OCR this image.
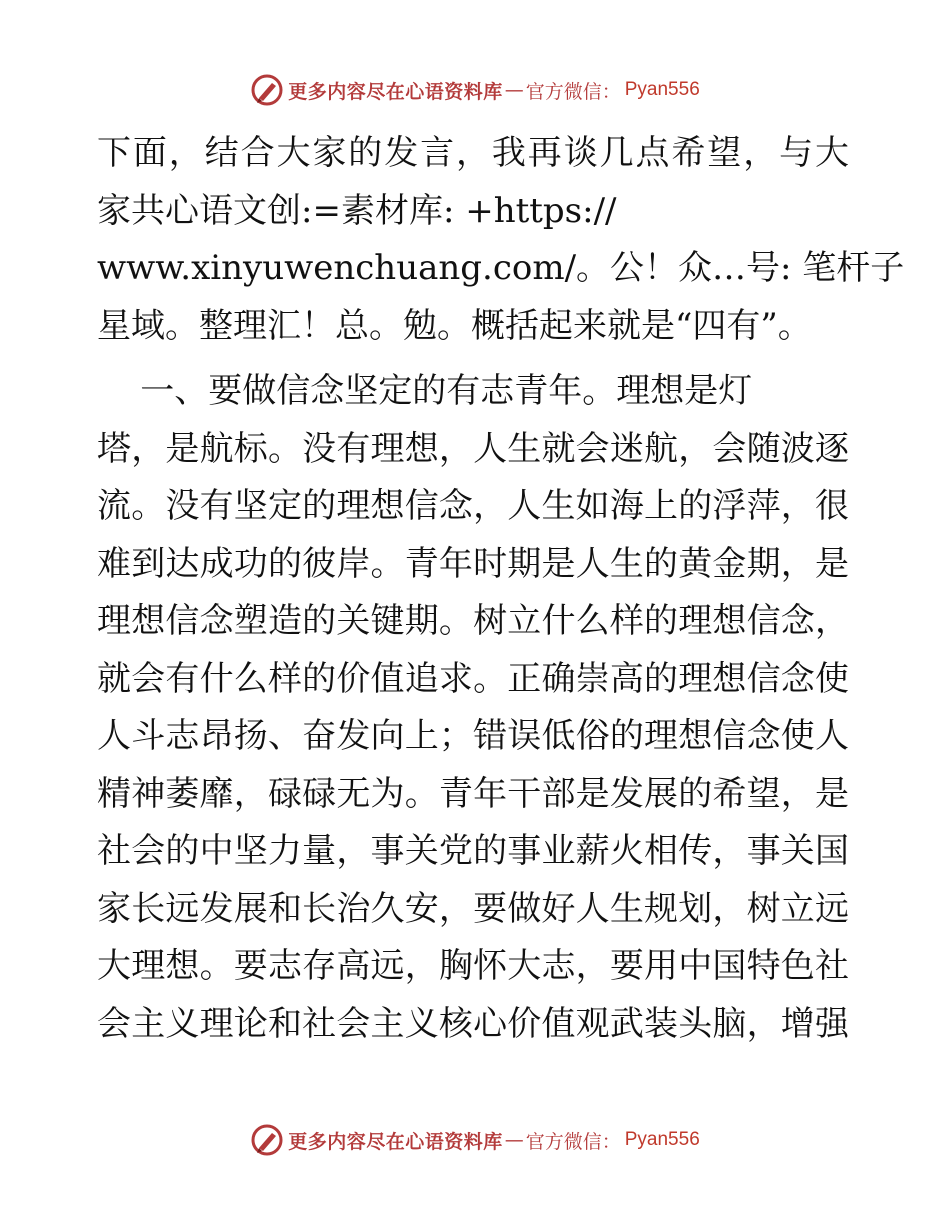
更多内容尽在心语资料库 — 官方微信： Pyan556
下面，结合大家的发言，我再谈几点希望，与大
家共心语文创:=素材库: +https://
www.xinyuwenchuang.com/。公！众…号: 笔杆子
星域。整理汇！总。勉。概括起来就是“四有”。
一、要做信念坚定的有志青年。理想是灯
塔，是航标。没有理想，人生就会迷航，会随波逐
流。没有坚定的理想信念，人生如海上的浮萍，很
难到达成功的彼岸。青年时期是人生的黄金期，是
理想信念塑造的关键期。树立什么样的理想信念，
就会有什么样的价值追求。正确崇高的理想信念使
人斗志昂扬、奋发向上；错误低俗的理想信念使人
精神萎靡，碌碌无为。青年干部是发展的希望，是
社会的中坚力量，事关党的事业薪火相传，事关国
家长远发展和长治久安，要做好人生规划，树立远
大理想。要志存高远，胸怀大志，要用中国特色社
会主义理论和社会主义核心价值观武装头脑，增强
更多内容尽在心语资料库 — 官方微信： Pyan556
